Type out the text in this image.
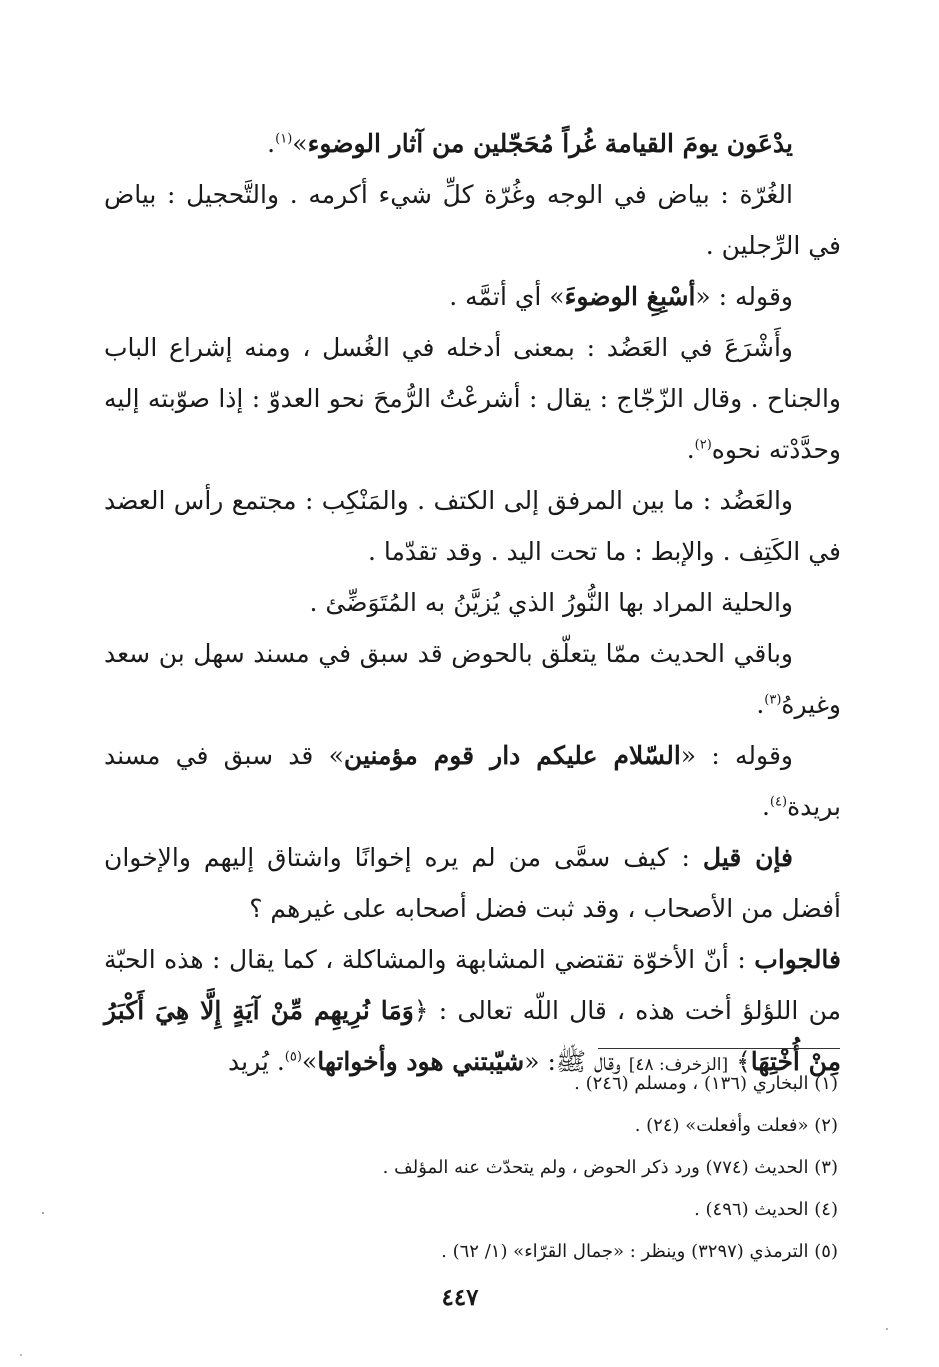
يدْعَون يومَ القيامة غُراً مُحَجّلين من آثار الوضوء»$^{(١)}$.

الغُرّة : بياض في الوجه وغُرّة كلِّ شيء أكرمه . والتَّحجيل : بياض في الرِّجلين .

وقوله : «أسْبِغِ الوضوءَ» أي أتمَّه .

وأَشْرَعَ في العَضُد : بمعنى أدخله في الغُسل ، ومنه إشراع الباب والجناح . وقال الزّجّاج : يقال : أشرعْتُ الرُّمحَ نحو العدوّ : إذا صوّبته إليه وحدَّدْته نحوه$^{(٢)}$.

والعَضُد : ما بين المرفق إلى الكتف . والمَنْكِب : مجتمع رأس العضد في الكَتِف . والإبط : ما تحت اليد . وقد تقدّما .

والحلية المراد بها النُّورُ الذي يُزيَّنُ به المُتَوَضِّئ .

وباقي الحديث ممّا يتعلّق بالحوض قد سبق في مسند سهل بن سعد وغيرهُ$^{(٣)}$.

وقوله : «السّلام عليكم دار قوم مؤمنين» قد سبق في مسند بريدة$^{(٤)}$.

فإن قيل : كيف سمَّى من لم يره إخوانًا واشتاق إليهم والإخوان أفضل من الأصحاب ، وقد ثبت فضل أصحابه على غيرهم ؟

فالجواب : أنّ الأخوّة تقتضي المشابهة والمشاكلة ، كما يقال : هذه الحبّة من اللؤلؤ أخت هذه ، قال اللّه تعالى : ﴿وَمَا نُرِيهِم مِّنْ آيَةٍ إِلَّا هِيَ أَكْبَرُ مِنْ أُخْتِهَا﴾ [الزخرف: ٤٨] وقال ﷺ: «شيّبتني هود وأخواتها»$^{(٥)}$. يُريد

(١) البخاري (١٣٦) ، ومسلم (٢٤٦) .

(٢) «فعلت وأفعلت» (٢٤) .

(٣) الحديث (٧٧٤) ورد ذكر الحوض ، ولم يتحدّث عنه المؤلف .

(٤) الحديث (٤٩٦) .

(٥) الترمذي (٣٢٩٧) وينظر : «جمال القرّاء» (١/ ٦٢) .

٤٤٧
